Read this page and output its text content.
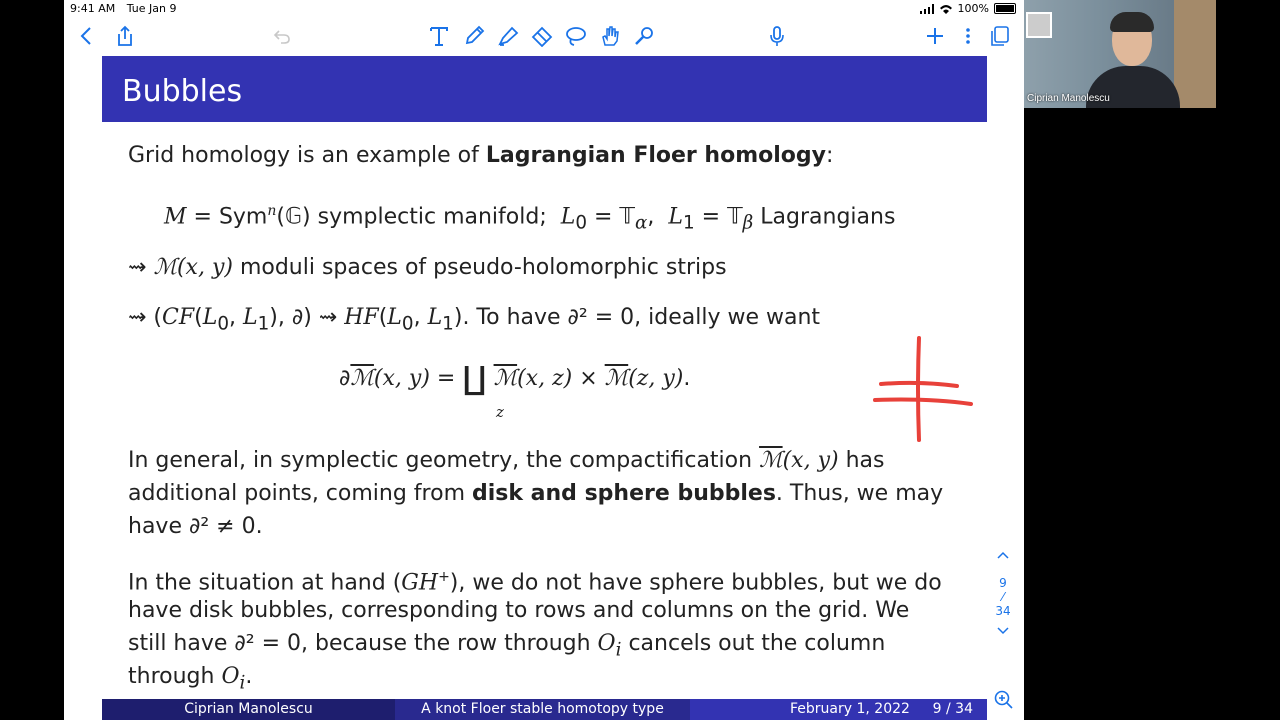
9:41 AM Tue Jan 9	100%
Bubbles
Grid homology is an example of Lagrangian Floer homology:
M = Sym$^n$(𝔾) symplectic manifold; $L_0$ = 𝕋$_\alpha$,  $L_1$ = 𝕋$_\beta$ Lagrangians
⇝ ℳ(x, y) moduli spaces of pseudo-holomorphic strips
⇝ ($CF(L_0$, $L_1$), ∂) ⇝ $HF(L_0$, $L_1$). To have ∂² = 0, ideally we want
∂ℳ(x, y) = ∐ ℳ(x, z) × ℳ(z, y).
z
In general, in symplectic geometry, the compactification ℳ(x, y) has
additional points, coming from disk and sphere bubbles. Thus, we may
have ∂² ≠ 0.
In the situation at hand (GH+), we do not have sphere bubbles, but we do
have disk bubbles, corresponding to rows and columns on the grid. We
still have ∂² = 0, because the row through $O_i$ cancels out the column
through $O_i$.
Ciprian Manolescu	A knot Floer stable homotopy type	February 1, 2022 9 / 34
9
⁄
34
Ciprian Manolescu
